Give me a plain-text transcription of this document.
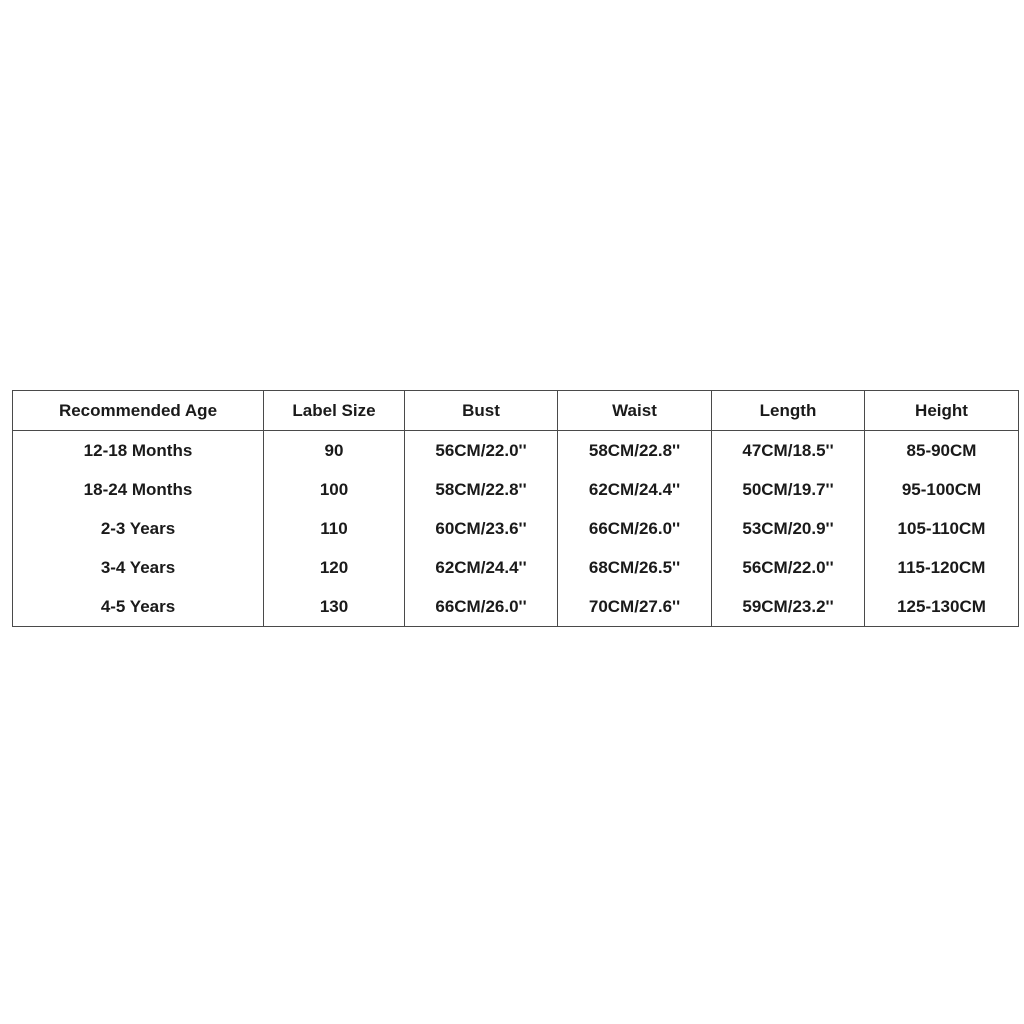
Recommended Age	Label Size	Bust	Waist	Length	Height
12-18 Months	90	56CM/22.0''	58CM/22.8''	47CM/18.5''	85-90CM
18-24 Months	100	58CM/22.8''	62CM/24.4''	50CM/19.7''	95-100CM
2-3 Years	110	60CM/23.6''	66CM/26.0''	53CM/20.9''	105-110CM
3-4 Years	120	62CM/24.4''	68CM/26.5''	56CM/22.0''	115-120CM
4-5 Years	130	66CM/26.0''	70CM/27.6''	59CM/23.2''	125-130CM
